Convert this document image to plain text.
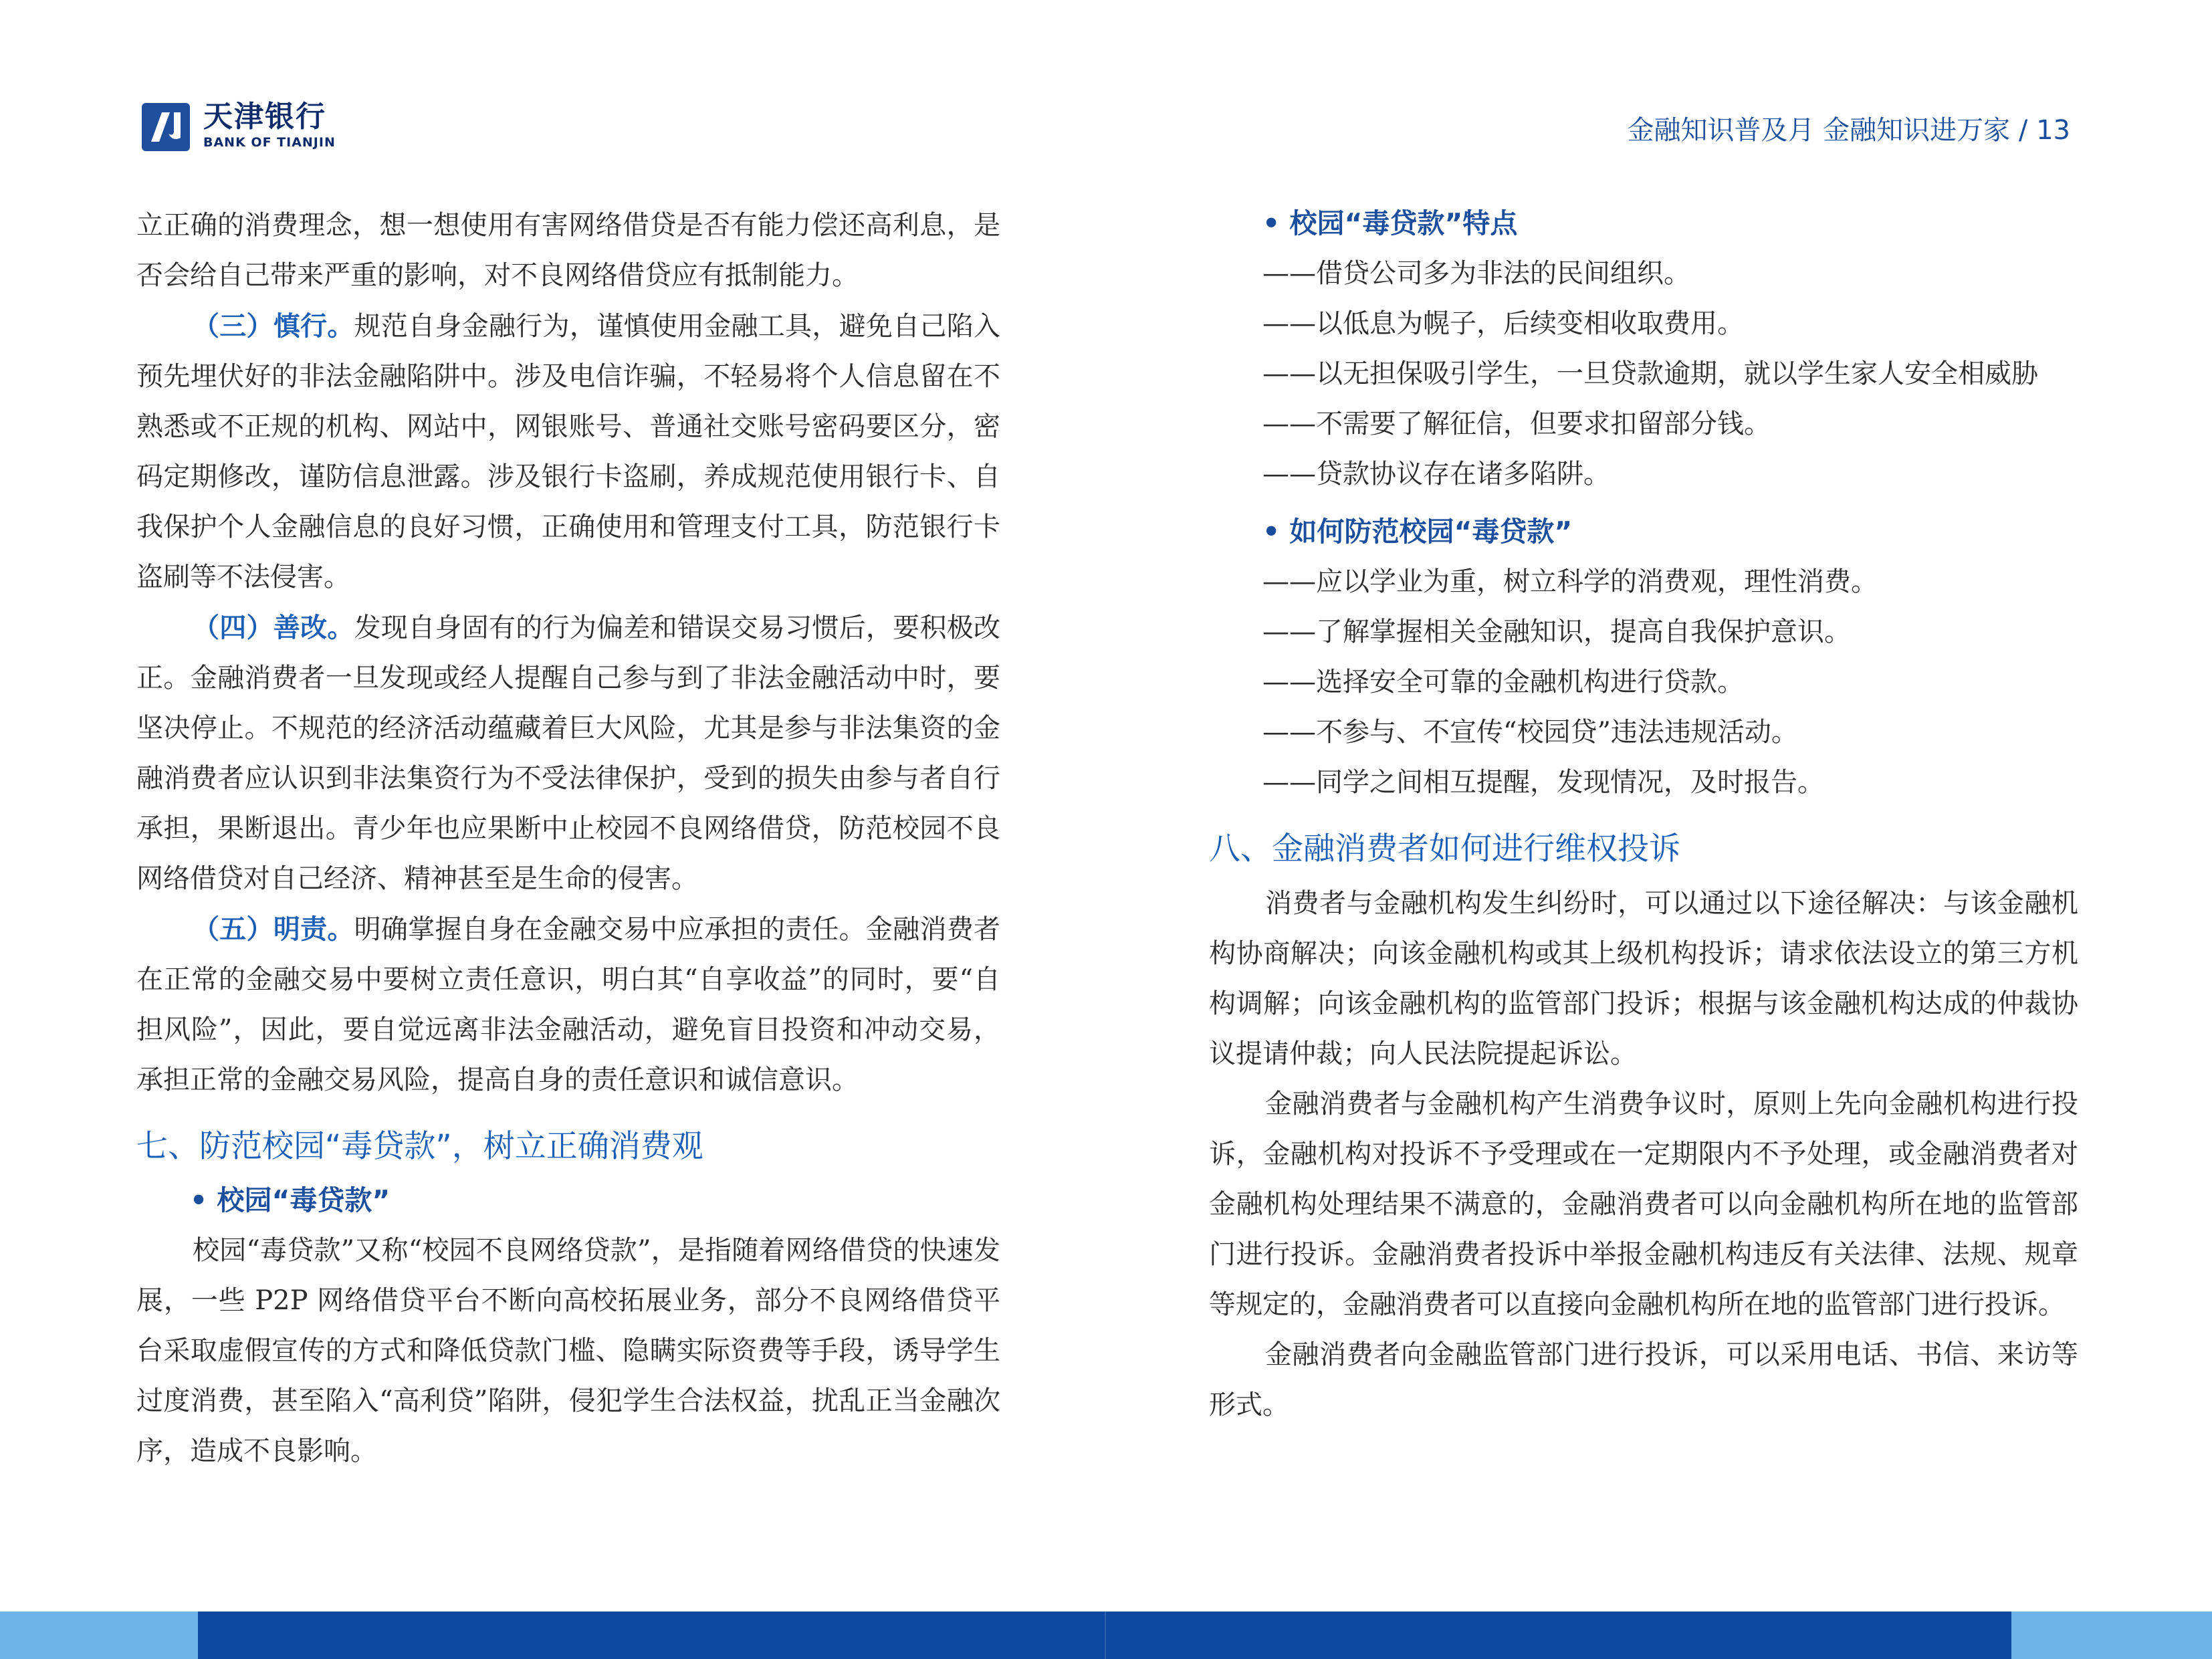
天津银行
BANK OF TIANJIN	金融知识普及月 金融知识进万家 / 13

立正确的消费理念，想一想使用有害网络借贷是否有能力偿还高利息，是否会给自己带来严重的影响，对不良网络借贷应有抵制能力。

（三）慎行。规范自身金融行为，谨慎使用金融工具，避免自己陷入预先埋伏好的非法金融陷阱中。涉及电信诈骗，不轻易将个人信息留在不熟悉或不正规的机构、网站中，网银账号、普通社交账号密码要区分，密码定期修改，谨防信息泄露。涉及银行卡盗刷，养成规范使用银行卡、自我保护个人金融信息的良好习惯，正确使用和管理支付工具，防范银行卡盗刷等不法侵害。

（四）善改。发现自身固有的行为偏差和错误交易习惯后，要积极改正。金融消费者一旦发现或经人提醒自己参与到了非法金融活动中时，要坚决停止。不规范的经济活动蕴藏着巨大风险，尤其是参与非法集资的金融消费者应认识到非法集资行为不受法律保护，受到的损失由参与者自行承担，果断退出。青少年也应果断中止校园不良网络借贷，防范校园不良网络借贷对自己经济、精神甚至是生命的侵害。

（五）明责。明确掌握自身在金融交易中应承担的责任。金融消费者在正常的金融交易中要树立责任意识，明白其“自享收益”的同时，要“自担风险”，因此，要自觉远离非法金融活动，避免盲目投资和冲动交易，承担正常的金融交易风险，提高自身的责任意识和诚信意识。

七、防范校园“毒贷款”，树立正确消费观
• 校园“毒贷款”

校园“毒贷款”又称“校园不良网络贷款”，是指随着网络借贷的快速发展，一些 P2P 网络借贷平台不断向高校拓展业务，部分不良网络借贷平台采取虚假宣传的方式和降低贷款门槛、隐瞒实际资费等手段，诱导学生过度消费，甚至陷入“高利贷”陷阱，侵犯学生合法权益，扰乱正当金融次序，造成不良影响。

• 校园“毒贷款”特点
——借贷公司多为非法的民间组织。
——以低息为幌子，后续变相收取费用。
——以无担保吸引学生，一旦贷款逾期，就以学生家人安全相威胁
——不需要了解征信，但要求扣留部分钱。
——贷款协议存在诸多陷阱。
• 如何防范校园“毒贷款”
——应以学业为重，树立科学的消费观，理性消费。
——了解掌握相关金融知识，提高自我保护意识。
——选择安全可靠的金融机构进行贷款。
——不参与、不宣传“校园贷”违法违规活动。
——同学之间相互提醒，发现情况，及时报告。
八、金融消费者如何进行维权投诉

消费者与金融机构发生纠纷时，可以通过以下途径解决：与该金融机构协商解决；向该金融机构或其上级机构投诉；请求依法设立的第三方机构调解；向该金融机构的监管部门投诉；根据与该金融机构达成的仲裁协议提请仲裁；向人民法院提起诉讼。

金融消费者与金融机构产生消费争议时，原则上先向金融机构进行投诉，金融机构对投诉不予受理或在一定期限内不予处理，或金融消费者对金融机构处理结果不满意的，金融消费者可以向金融机构所在地的监管部门进行投诉。金融消费者投诉中举报金融机构违反有关法律、法规、规章等规定的，金融消费者可以直接向金融机构所在地的监管部门进行投诉。

金融消费者向金融监管部门进行投诉，可以采用电话、书信、来访等形式。
